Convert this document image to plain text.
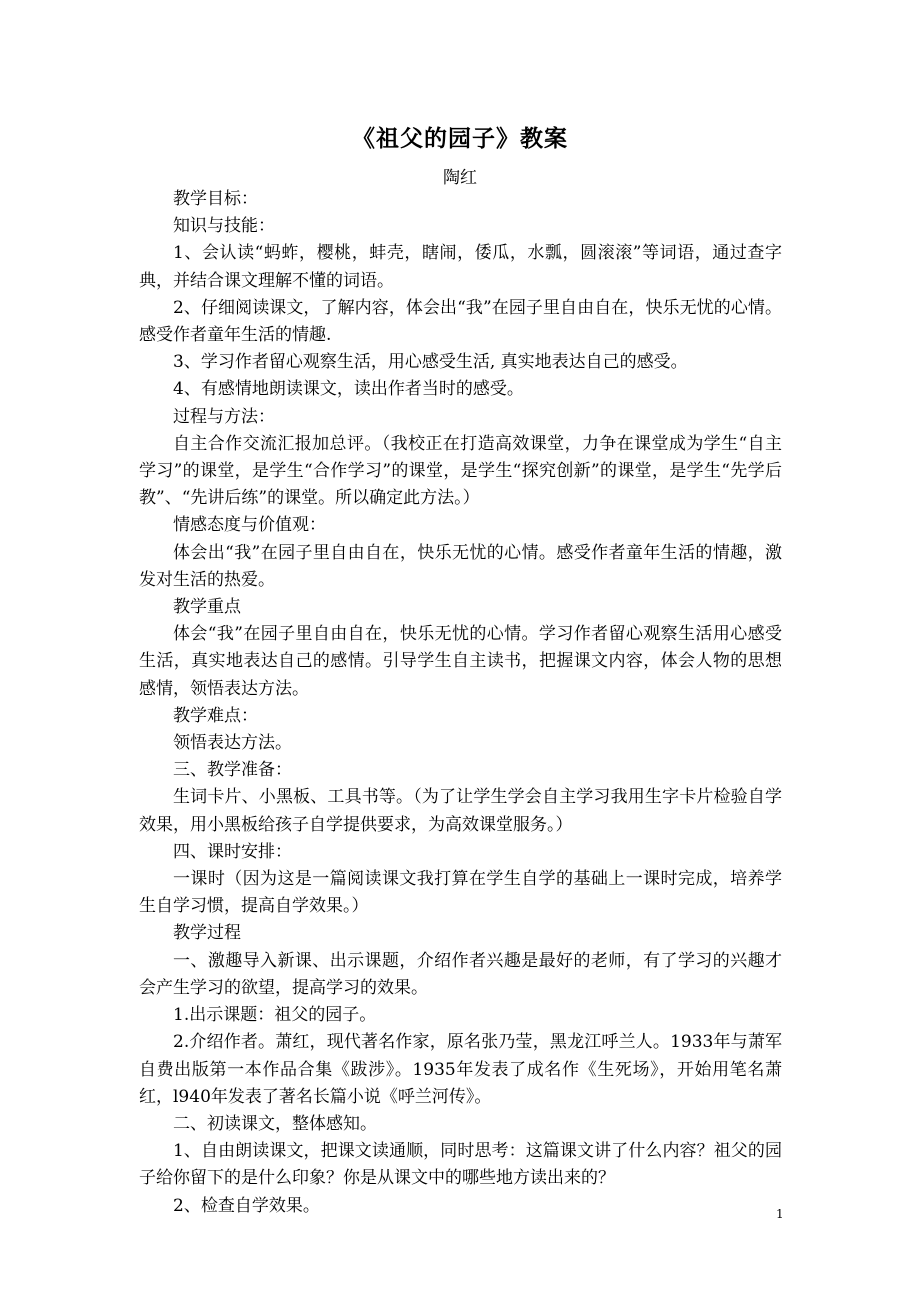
《祖父的园子》教案
陶红

教学目标：

知识与技能：

1、会认读“蚂蚱，樱桃，蚌壳，瞎闹，倭瓜，水瓢，圆滚滚”等词语，通过查字典，并结合课文理解不懂的词语。

2、仔细阅读课文，了解内容，体会出“我”在园子里自由自在，快乐无忧的心情。感受作者童年生活的情趣.

3、学习作者留心观察生活，用心感受生活, 真实地表达自己的感受。

4、有感情地朗读课文，读出作者当时的感受。

过程与方法：

自主合作交流汇报加总评。（我校正在打造高效课堂，力争在课堂成为学生“自主学习”的课堂，是学生“合作学习”的课堂，是学生“探究创新”的课堂，是学生“先学后教”、“先讲后练”的课堂。所以确定此方法。）

情感态度与价值观：

体会出“我”在园子里自由自在，快乐无忧的心情。感受作者童年生活的情趣，激发对生活的热爱。

教学重点

体会“我”在园子里自由自在，快乐无忧的心情。学习作者留心观察生活用心感受生活，真实地表达自己的感情。引导学生自主读书，把握课文内容，体会人物的思想感情，领悟表达方法。

教学难点：

领悟表达方法。

三、教学准备：

生词卡片、小黑板、工具书等。（为了让学生学会自主学习我用生字卡片检验自学效果，用小黑板给孩子自学提供要求，为高效课堂服务。）

四、课时安排：

一课时（因为这是一篇阅读课文我打算在学生自学的基础上一课时完成，培养学生自学习惯，提高自学效果。）

教学过程

一、激趣导入新课、出示课题，介绍作者兴趣是最好的老师，有了学习的兴趣才会产生学习的欲望，提高学习的效果。

1.出示课题：祖父的园子。

2.介绍作者。萧红，现代著名作家，原名张乃莹，黑龙江呼兰人。1933年与萧军自费出版第一本作品合集《跋涉》。1935年发表了成名作《生死场》，开始用笔名萧红，l940年发表了著名长篇小说《呼兰河传》。

二、初读课文，整体感知。

1、自由朗读课文，把课文读通顺，同时思考：这篇课文讲了什么内容？祖父的园子给你留下的是什么印象？你是从课文中的哪些地方读出来的？

2、检查自学效果。	1
